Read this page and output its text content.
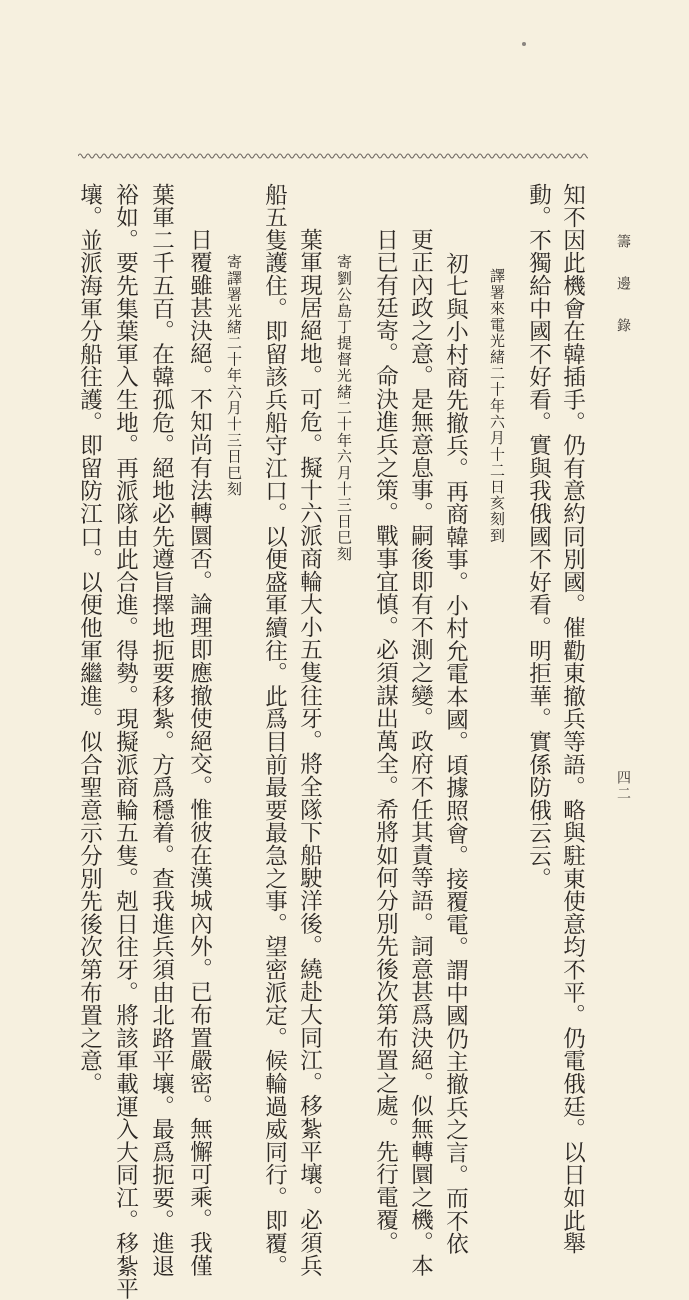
籌 邊 錄
四二
知不因此機會在韓插手。仍有意約同別國。催勸東撤兵等語。略與駐東使意均不平。仍電俄廷。以日如此舉
動。不獨給中國不好看。實與我俄國不好看。明拒華。實係防俄云云。
譯署來電光緒二十年六月十二日亥刻到
初七與小村商先撤兵。再商韓事。小村允電本國。頃據照會。接覆電。謂中國仍主撤兵之言。而不依
更正內政之意。是無意息事。嗣後即有不測之變。政府不任其責等語。詞意甚爲決絕。似無轉圜之機。本
日已有廷寄。命決進兵之策。戰事宜慎。必須謀出萬全。希將如何分別先後次第布置之處。先行電覆。
寄劉公島丁提督光緒二十年六月十三日巳刻
葉軍現居絕地。可危。擬十六派商輪大小五隻往牙。將全隊下船駛洋後。繞赴大同江。移紮平壤。必須兵
船五隻護住。即留該兵船守江口。以便盛軍續往。此爲目前最要最急之事。望密派定。候輪過威同行。即覆。
寄譯署光緒二十年六月十三日巳刻
日覆雖甚決絕。不知尚有法轉圜否。論理即應撤使絕交。惟彼在漢城內外。已布置嚴密。無懈可乘。我僅
葉軍二千五百。在韓孤危。絕地必先遵旨擇地扼要移紮。方爲穩着。查我進兵須由北路平壤。最爲扼要。進退
裕如。要先集葉軍入生地。再派隊由此合進。得勢。現擬派商輪五隻。剋日往牙。將該軍載運入大同江。移紮平
壤。並派海軍分船往護。即留防江口。以便他軍繼進。似合聖意示分別先後次第布置之意。
